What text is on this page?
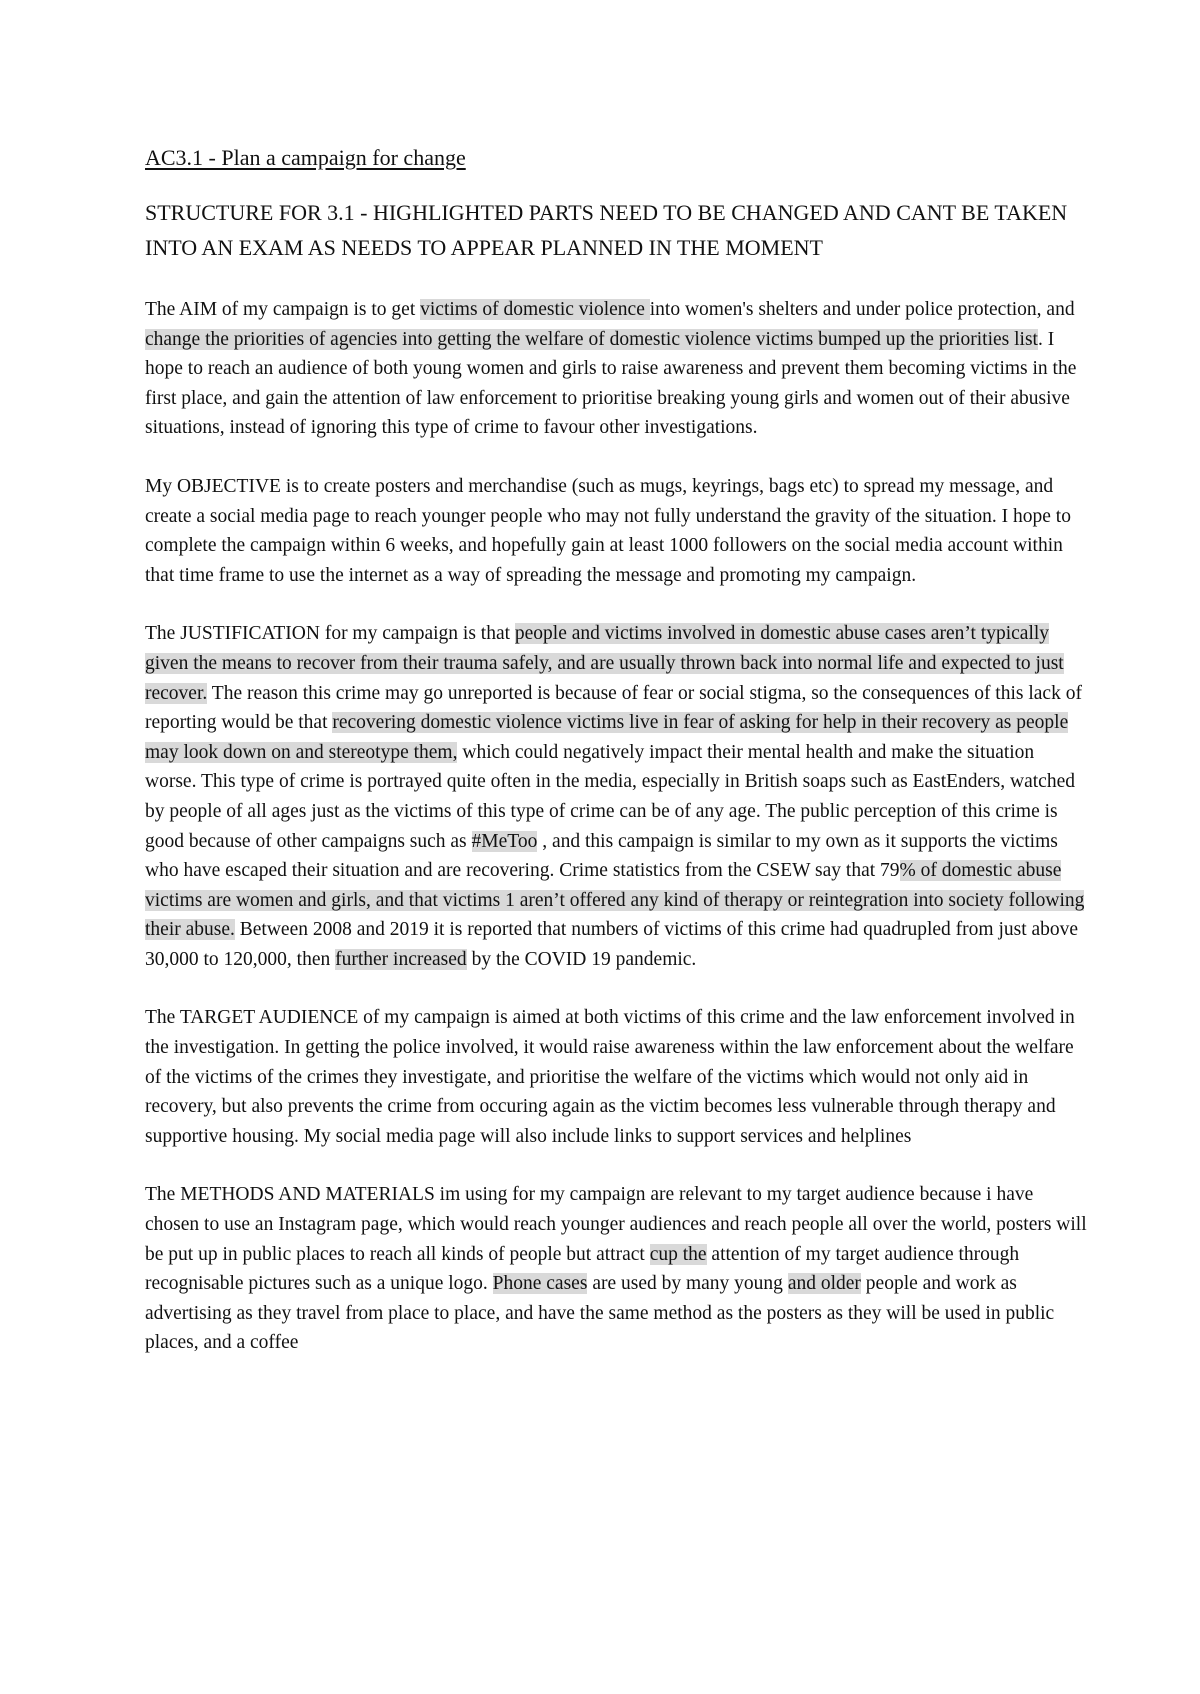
AC3.1 - Plan a campaign for change
STRUCTURE FOR 3.1 - HIGHLIGHTED PARTS NEED TO BE CHANGED AND CANT BE TAKEN INTO AN EXAM AS NEEDS TO APPEAR PLANNED IN THE MOMENT

The AIM of my campaign is to get victims of domestic violence into women's shelters and under police protection, and change the priorities of agencies into getting the welfare of domestic violence victims bumped up the priorities list. I hope to reach an audience of both young women and girls to raise awareness and prevent them becoming victims in the first place, and gain the attention of law enforcement to prioritise breaking young girls and women out of their abusive situations, instead of ignoring this type of crime to favour other investigations.

My OBJECTIVE is to create posters and merchandise (such as mugs, keyrings, bags etc) to spread my message, and create a social media page to reach younger people who may not fully understand the gravity of the situation. I hope to complete the campaign within 6 weeks, and hopefully gain at least 1000 followers on the social media account within that time frame to use the internet as a way of spreading the message and promoting my campaign.

The JUSTIFICATION for my campaign is that people and victims involved in domestic abuse cases aren’t typically given the means to recover from their trauma safely, and are usually thrown back into normal life and expected to just recover. The reason this crime may go unreported is because of fear or social stigma, so the consequences of this lack of reporting would be that recovering domestic violence victims live in fear of asking for help in their recovery as people may look down on and stereotype them, which could negatively impact their mental health and make the situation worse. This type of crime is portrayed quite often in the media, especially in British soaps such as EastEnders, watched by people of all ages just as the victims of this type of crime can be of any age. The public perception of this crime is good because of other campaigns such as #MeToo , and this campaign is similar to my own as it supports the victims who have escaped their situation and are recovering. Crime statistics from the CSEW say that 79% of domestic abuse victims are women and girls, and that victims 1 aren’t offered any kind of therapy or reintegration into society following their abuse. Between 2008 and 2019 it is reported that numbers of victims of this crime had quadrupled from just above 30,000 to 120,000, then further increased by the COVID 19 pandemic.

The TARGET AUDIENCE of my campaign is aimed at both victims of this crime and the law enforcement involved in the investigation. In getting the police involved, it would raise awareness within the law enforcement about the welfare of the victims of the crimes they investigate, and prioritise the welfare of the victims which would not only aid in recovery, but also prevents the crime from occuring again as the victim becomes less vulnerable through therapy and supportive housing. My social media page will also include links to support services and helplines

The METHODS AND MATERIALS im using for my campaign are relevant to my target audience because i have chosen to use an Instagram page, which would reach younger audiences and reach people all over the world, posters will be put up in public places to reach all kinds of people but attract cup the attention of my target audience through recognisable pictures such as a unique logo. Phone cases are used by many young and older people and work as advertising as they travel from place to place, and have the same method as the posters as they will be used in public places, and a coffee
